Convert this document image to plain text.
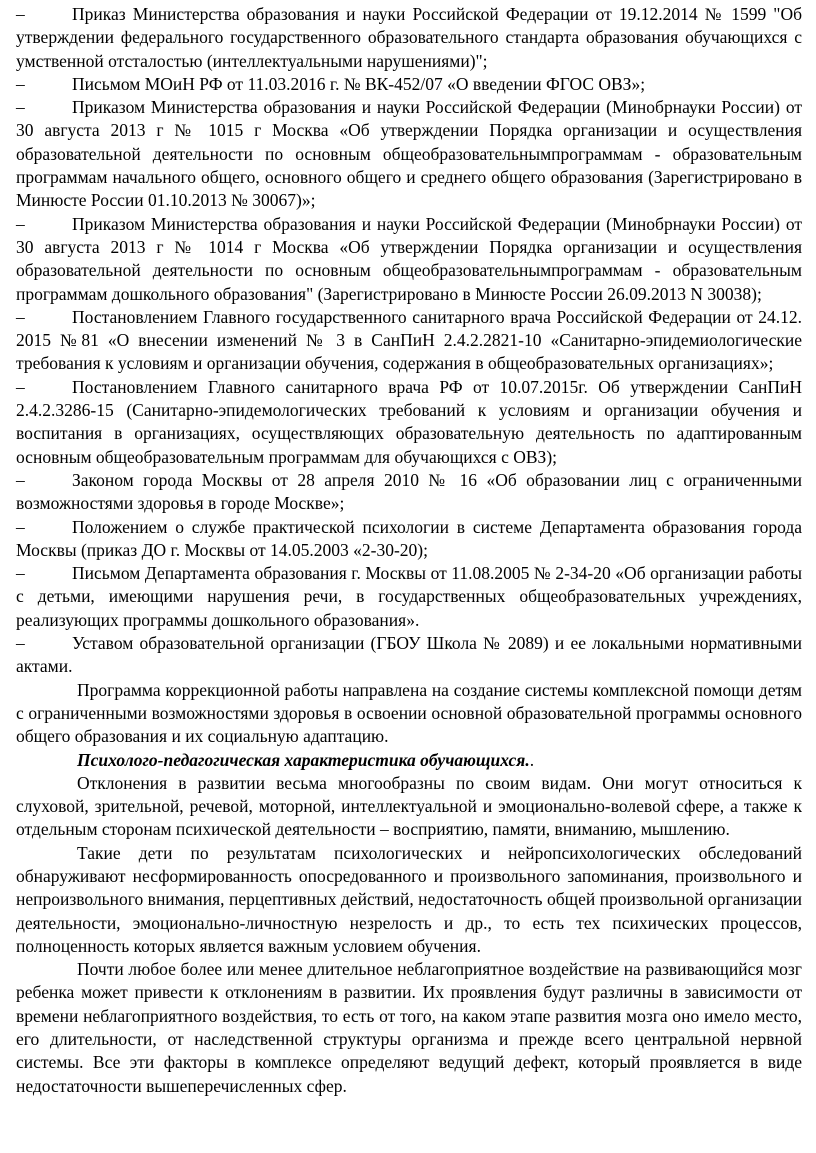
–	Приказ Министерства образования и науки Российской Федерации от 19.12.2014 № 1599 "Об утверждении федерального государственного образовательного стандарта образования обучающихся с умственной отсталостью (интеллектуальными нарушениями)";

–	Письмом МОиН РФ от 11.03.2016 г. № ВК-452/07 «О введении ФГОС ОВЗ»;

–	Приказом Министерства образования и науки Российской Федерации (Минобрнауки России) от 30 августа 2013 г № 1015 г Москва «Об утверждении Порядка организации и осуществления образовательной деятельности по основным общеобразовательнымпрограммам - образовательным программам начального общего, основного общего и среднего общего образования (Зарегистрировано в Минюсте России 01.10.2013 № 30067)»;

–	Приказом Министерства образования и науки Российской Федерации (Минобрнауки России) от 30 августа 2013 г № 1014 г Москва «Об утверждении Порядка организации и осуществления образовательной деятельности по основным общеобразовательнымпрограммам - образовательным программам дошкольного образования" (Зарегистрировано в Минюсте России 26.09.2013 N 30038);

–	Постановлением Главного государственного санитарного врача Российской Федерации от 24.12. 2015 №81 «О внесении изменений № 3 в СанПиН 2.4.2.2821-10 «Санитарно-эпидемиологические требования к условиям и организации обучения, содержания в общеобразовательных организациях»;

–	Постановлением Главного санитарного врача РФ от 10.07.2015г. Об утверждении СанПиН 2.4.2.3286-15 (Санитарно-эпидемологических требований к условиям и организации обучения и воспитания в организациях, осуществляющих образовательную деятельность по адаптированным основным общеобразовательным программам для обучающихся с ОВЗ);

–	Законом города Москвы от 28 апреля 2010 № 16 «Об образовании лиц с ограниченными возможностями здоровья в городе Москве»;

–	Положением о службе практической психологии в системе Департамента образования города Москвы (приказ ДО г. Москвы от 14.05.2003 «2-30-20);

–	Письмом Департамента образования г. Москвы от 11.08.2005 № 2-34-20 «Об организации работы с детьми, имеющими нарушения речи, в государственных общеобразовательных учреждениях, реализующих программы дошкольного образования».

–	Уставом образовательной организации (ГБОУ Школа № 2089) и ее локальными нормативными актами.

Программа коррекционной работы направлена на создание системы комплексной помощи детям с ограниченными возможностями здоровья в освоении основной образовательной программы основного общего образования и их социальную адаптацию.

Психолого-педагогическая характеристика обучающихся..

Отклонения в развитии весьма многообразны по своим видам. Они могут относиться к слуховой, зрительной, речевой, моторной, интеллектуальной и эмоционально-волевой сфере, а также к отдельным сторонам психической деятельности – восприятию, памяти, вниманию, мышлению.

Такие дети по результатам психологических и нейропсихологических обследований обнаруживают несформированность опосредованного и произвольного запоминания, произвольного и непроизвольного внимания, перцептивных действий, недостаточность общей произвольной организации деятельности, эмоционально-личностную незрелость и др., то есть тех психических процессов, полноценность которых является важным условием обучения.

Почти любое более или менее длительное неблагоприятное воздействие на развивающийся мозг ребенка может привести к отклонениям в развитии. Их проявления будут различны в зависимости от времени неблагоприятного воздействия, то есть от того, на каком этапе развития мозга оно имело место, его длительности, от наследственной структуры организма и прежде всего центральной нервной системы. Все эти факторы в комплексе определяют ведущий дефект, который проявляется в виде недостаточности вышеперечисленных сфер.
